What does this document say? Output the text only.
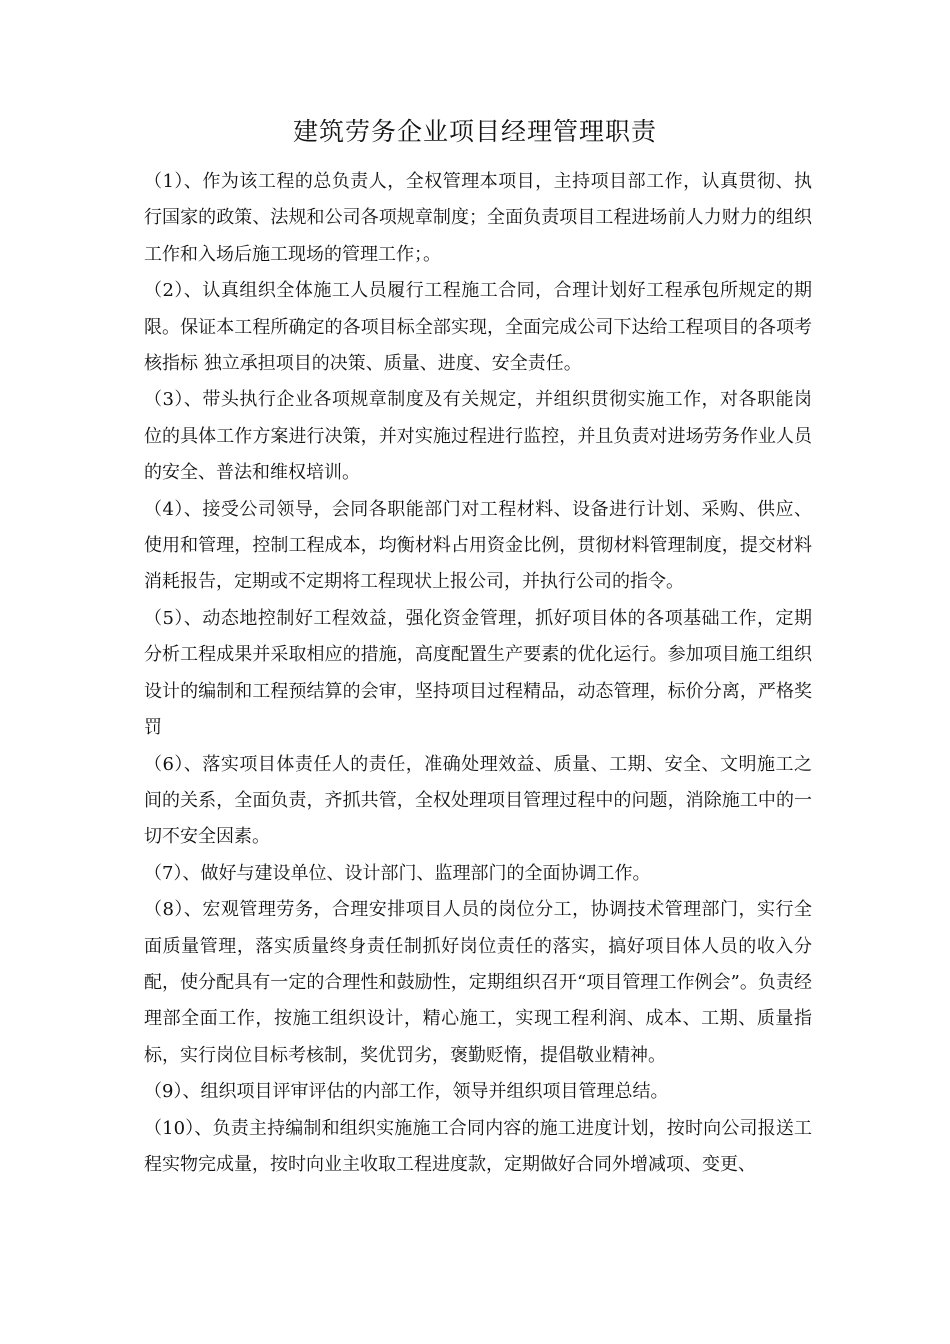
建筑劳务企业项目经理管理职责

（1）、作为该工程的总负责人，全权管理本项目，主持项目部工作，认真贯彻、执行国家的政策、法规和公司各项规章制度；全面负责项目工程进场前人力财力的组织工作和入场后施工现场的管理工作；。

（2）、认真组织全体施工人员履行工程施工合同，合理计划好工程承包所规定的期限。保证本工程所确定的各项目标全部实现，全面完成公司下达给工程项目的各项考核指标 独立承担项目的决策、质量、进度、安全责任。

（3）、带头执行企业各项规章制度及有关规定，并组织贯彻实施工作，对各职能岗位的具体工作方案进行决策，并对实施过程进行监控，并且负责对进场劳务作业人员的安全、普法和维权培训。

（4）、接受公司领导，会同各职能部门对工程材料、设备进行计划、采购、供应、使用和管理，控制工程成本，均衡材料占用资金比例，贯彻材料管理制度，提交材料消耗报告，定期或不定期将工程现状上报公司，并执行公司的指令。

（5）、动态地控制好工程效益，强化资金管理，抓好项目体的各项基础工作，定期分析工程成果并采取相应的措施，高度配置生产要素的优化运行。参加项目施工组织设计的编制和工程预结算的会审，坚持项目过程精品，动态管理，标价分离，严格奖罚

（6）、落实项目体责任人的责任，准确处理效益、质量、工期、安全、文明施工之间的关系，全面负责，齐抓共管，全权处理项目管理过程中的问题，消除施工中的一切不安全因素。

（7）、做好与建设单位、设计部门、监理部门的全面协调工作。

（8）、宏观管理劳务，合理安排项目人员的岗位分工，协调技术管理部门，实行全面质量管理，落实质量终身责任制抓好岗位责任的落实，搞好项目体人员的收入分配，使分配具有一定的合理性和鼓励性，定期组织召开“项目管理工作例会”。负责经理部全面工作，按施工组织设计，精心施工，实现工程利润、成本、工期、质量指标，实行岗位目标考核制，奖优罚劣，褒勤贬惰，提倡敬业精神。

（9）、组织项目评审评估的内部工作，领导并组织项目管理总结。

（10）、负责主持编制和组织实施施工合同内容的施工进度计划，按时向公司报送工程实物完成量，按时向业主收取工程进度款，定期做好合同外增减项、变更、
